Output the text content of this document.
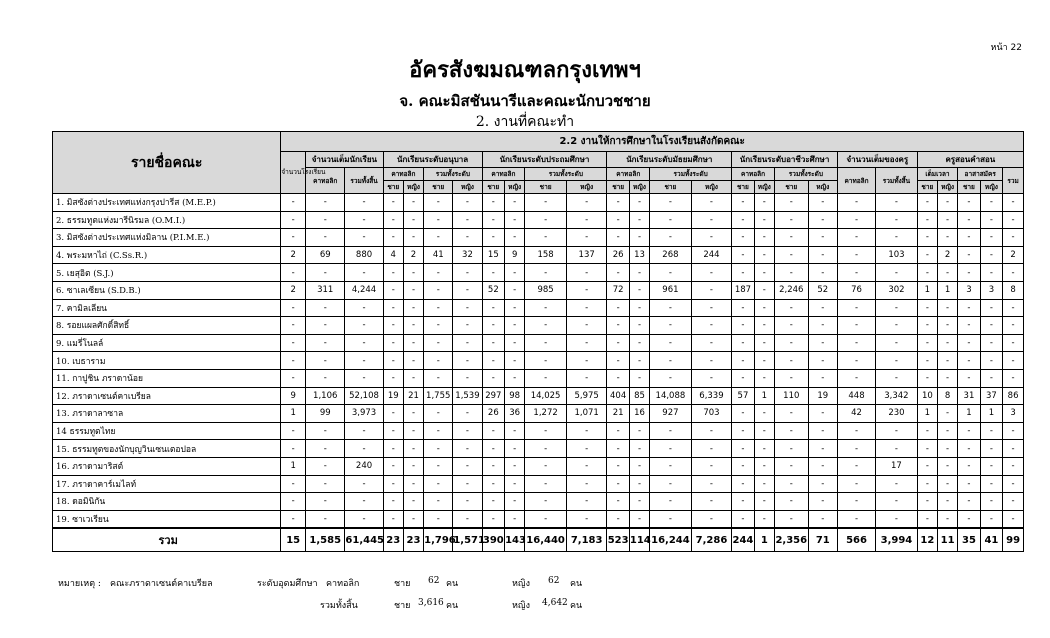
หน้า 22
อัครสังฆมณฑลกรุงเทพฯ
จ. คณะมิสชันนารีและคณะนักบวชชาย
2. งานที่คณะทำ
รายชื่อคณะ	2.2 งานให้การศึกษาในโรงเรียนสังกัดคณะ																									
	จำนวนโรงเรียน	จำนวนเต็มนักเรียน		นักเรียนระดับอนุบาล				นักเรียนระดับประถมศึกษา				นักเรียนระดับมัธยมศึกษา				นักเรียนระดับอาชีวะศึกษา				จำนวนเต็มของครู		ครูสอนคำสอน				
		คาทอลิก	รวมทั้งสิ้น	คาทอลิก		รวมทั้งระดับ		คาทอลิก		รวมทั้งระดับ		คาทอลิก		รวมทั้งระดับ		คาทอลิก		รวมทั้งระดับ		คาทอลิก	รวมทั้งสิ้น	เต็มเวลา		อาสาสมัคร		รวม
				ชาย	หญิง	ชาย	หญิง	ชาย	หญิง	ชาย	หญิง	ชาย	หญิง	ชาย	หญิง	ชาย	หญิง	ชาย	หญิง			ชาย	หญิง	ชาย	หญิง	
1. มิสซังต่างประเทศแห่งกรุงปารีส (M.E.P.)	-	-	-	-	-	-	-	-	-	-	-	-	-	-	-	-	-	-	-	-	-	-	-	-	-	-
2. ธรรมทูตแห่งมารีนิรมล (O.M.I.)	-	-	-	-	-	-	-	-	-	-	-	-	-	-	-	-	-	-	-	-	-	-	-	-	-	-
3. มิสซังต่างประเทศแห่งมิลาน (P.I.M.E.)	-	-	-	-	-	-	-	-	-	-	-	-	-	-	-	-	-	-	-	-	-	-	-	-	-	-
4. พระมหาไถ่ (C.Ss.R.)	2	69	880	4	2	41	32	15	9	158	137	26	13	268	244	-	-	-	-	-	103	-	2	-	-	2
5. เยสุอิต (S.J.)	-	-	-	-	-	-	-	-	-	-	-	-	-	-	-	-	-	-	-	-	-	-	-	-	-	-
6. ซาเลเซียน (S.D.B.)	2	311	4,244	-	-	-	-	52	-	985	-	72	-	961	-	187	-	2,246	52	76	302	1	1	3	3	8
7. คามิลเลียน	-	-	-	-	-	-	-	-	-	-	-	-	-	-	-	-	-	-	-	-	-	-	-	-	-	-
8. รอยแผลศักดิ์สิทธิ์	-	-	-	-	-	-	-	-	-	-	-	-	-	-	-	-	-	-	-	-	-	-	-	-	-	-
9. แมรี่โนลล์	-	-	-	-	-	-	-	-	-	-	-	-	-	-	-	-	-	-	-	-	-	-	-	-	-	-
10. เบธาราม	-	-	-	-	-	-	-	-	-	-	-	-	-	-	-	-	-	-	-	-	-	-	-	-	-	-
11. กาปูชิน ภราดาน้อย	-	-	-	-	-	-	-	-	-	-	-	-	-	-	-	-	-	-	-	-	-	-	-	-	-	-
12. ภราดาเซนต์คาเบรียล	9	1,106	52,108	19	21	1,755	1,539	297	98	14,025	5,975	404	85	14,088	6,339	57	1	110	19	448	3,342	10	8	31	37	86
13. ภราดาลาซาล	1	99	3,973	-	-	-	-	26	36	1,272	1,071	21	16	927	703	-	-	-	-	42	230	1	-	1	1	3
14 ธรรมทูตไทย	-	-	-	-	-	-	-	-	-	-	-	-	-	-	-	-	-	-	-	-	-	-	-	-	-	-
15. ธรรมทูตของนักบุญวินเซนเตอปอล	-	-	-	-	-	-	-	-	-	-	-	-	-	-	-	-	-	-	-	-	-	-	-	-	-	-
16. ภราดามาริสต์	1	-	240	-	-	-	-	-	-	-	-	-	-	-	-	-	-	-	-	-	17	-	-	-	-	-
17. ภราดาคาร์เมไลท์	-	-	-	-	-	-	-	-	-	-	-	-	-	-	-	-	-	-	-	-	-	-	-	-	-	-
18. ดอมินิกัน	-	-	-	-	-	-	-	-	-	-	-	-	-	-	-	-	-	-	-	-	-	-	-	-	-	-
19. ซาเวเรียน	-	-	-	-	-	-	-	-	-	-	-	-	-	-	-	-	-	-	-	-	-	-	-	-	-	-
รวม	15	1,585	61,445	23	23	1,796	1,571	390	143	16,440	7,183	523	114	16,244	7,286	244	1	2,356	71	566	3,994	12	11	35	41	99
หมายเหตุ : คณะภราดาเซนต์คาเบรียล	ระดับอุดมศึกษา คาทอลิก	ชาย 62 คน	หญิง 62 คน
รวมทั้งสิ้น	ชาย 3,616 คน	หญิง 4,642 คน
